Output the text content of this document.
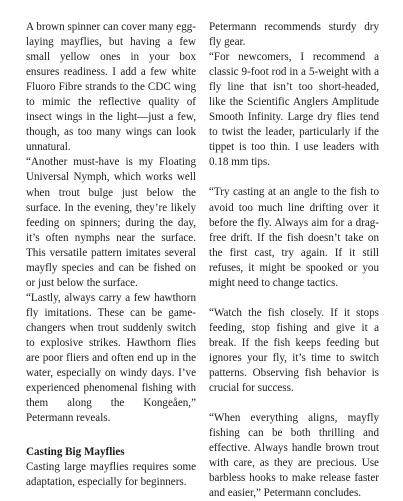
A brown spinner can cover many egg-laying mayflies, but having a few small yellow ones in your box ensures readiness. I add a few white Fluoro Fibre strands to the CDC wing to mimic the reflective quality of insect wings in the light—just a few, though, as too many wings can look unnatural.

“Another must-have is my Floating Universal Nymph, which works well when trout bulge just below the surface. In the evening, they’re likely feeding on spinners; during the day, it’s often nymphs near the surface. This versatile pattern imitates several mayfly species and can be fished on or just below the surface.

“Lastly, always carry a few hawthorn fly imitations. These can be game-changers when trout suddenly switch to explosive strikes. Hawthorn flies are poor fliers and often end up in the water, especially on windy days. I’ve experienced phenomenal fishing with them along the Kongeåen,” Petermann reveals.

Casting Big Mayflies

Casting large mayflies requires some adaptation, especially for beginners.

Petermann recommends sturdy dry fly gear.

“For newcomers, I recommend a classic 9-foot rod in a 5-weight with a fly line that isn’t too short-headed, like the Scientific Anglers Amplitude Smooth Infinity. Large dry flies tend to twist the leader, particularly if the tippet is too thin. I use leaders with 0.18 mm tips.

“Try casting at an angle to the fish to avoid too much line drifting over it before the fly. Always aim for a drag-free drift. If the fish doesn’t take on the first cast, try again. If it still refuses, it might be spooked or you might need to change tactics.

“Watch the fish closely. If it stops feeding, stop fishing and give it a break. If the fish keeps feeding but ignores your fly, it’s time to switch patterns. Observing fish behavior is crucial for success.

“When everything aligns, mayfly fishing can be both thrilling and effective. Always handle brown trout with care, as they are precious. Use barbless hooks to make release faster and easier,” Petermann concludes.
